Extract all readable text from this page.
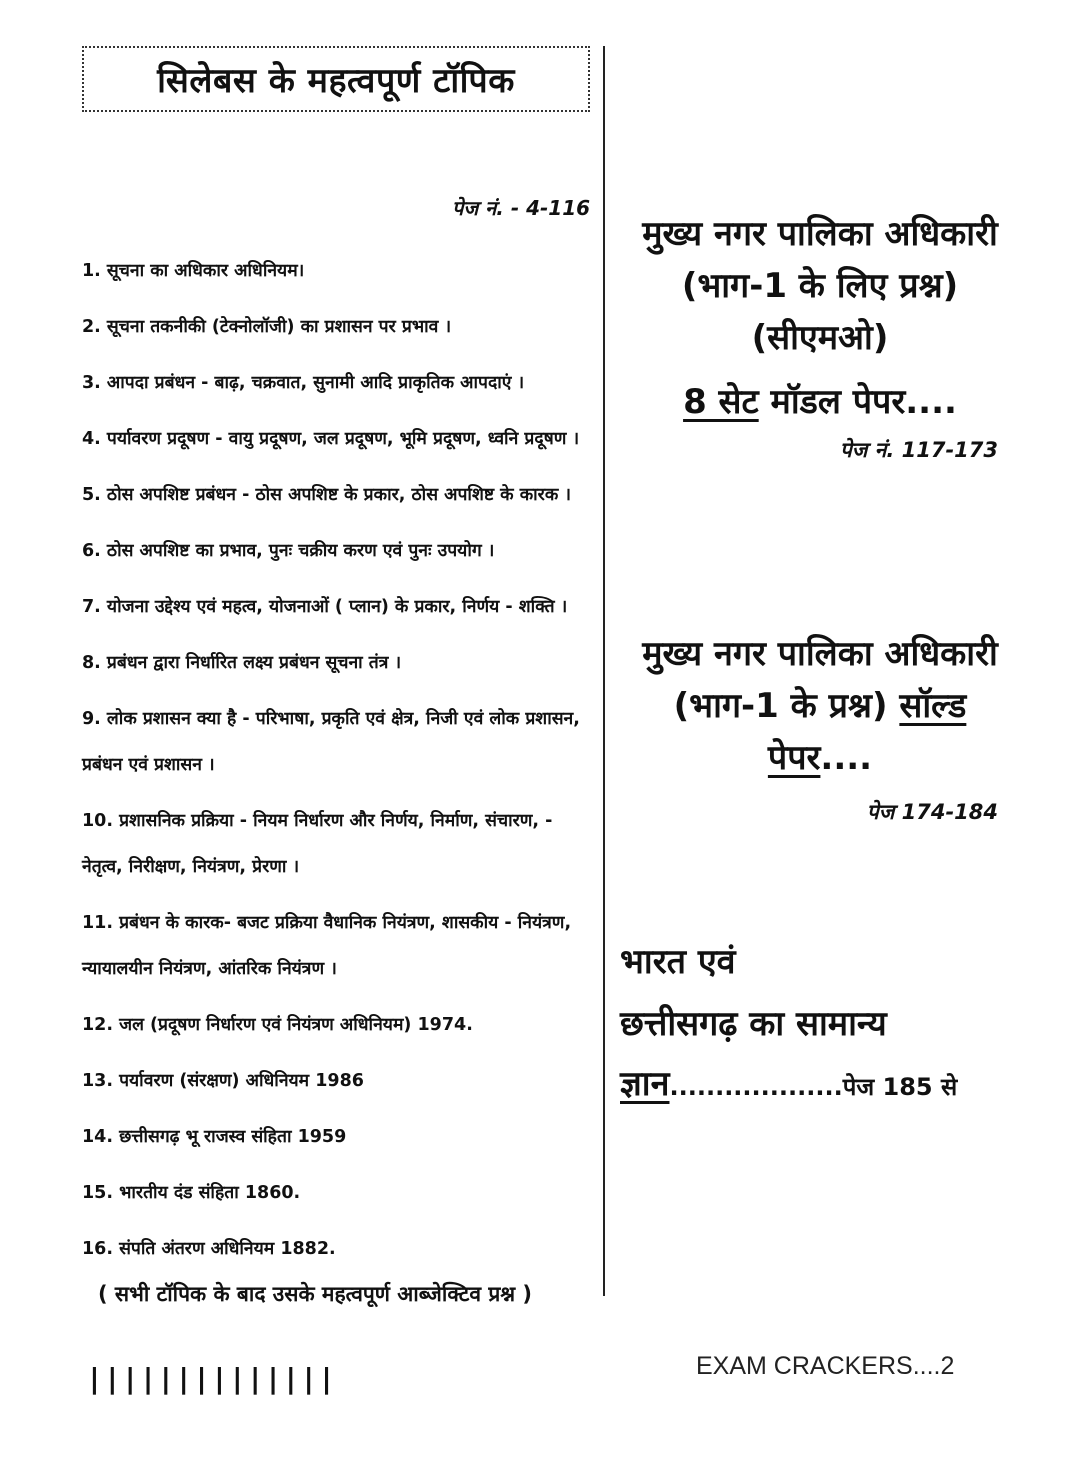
सिलेबस के महत्वपूर्ण टॉपिक
पेज नं. - 4-116

1. सूचना का अधिकार अधिनियम।

2. सूचना तकनीकी (टेक्नोलॉजी) का प्रशासन पर प्रभाव ।

3. आपदा प्रबंधन - बाढ़, चक्रवात, सुनामी आदि प्राकृतिक आपदाएं ।

4. पर्यावरण प्रदूषण - वायु प्रदूषण, जल प्रदूषण, भूमि प्रदूषण, ध्वनि प्रदूषण ।

5. ठोस अपशिष्ट प्रबंधन - ठोस अपशिष्ट के प्रकार, ठोस अपशिष्ट के कारक ।

6. ठोस अपशिष्ट का प्रभाव, पुनः चक्रीय करण एवं पुनः उपयोग ।

7. योजना उद्देश्य एवं महत्व, योजनाओं ( प्लान) के प्रकार, निर्णय - शक्ति ।

8. प्रबंधन द्वारा निर्धारित लक्ष्य प्रबंधन सूचना तंत्र ।

9. लोक प्रशासन क्या है - परिभाषा, प्रकृति एवं क्षेत्र, निजी एवं लोक प्रशासन,

प्रबंधन एवं प्रशासन ।

10. प्रशासनिक प्रक्रिया - नियम निर्धारण और निर्णय, निर्माण, संचारण, -

नेतृत्व, निरीक्षण, नियंत्रण, प्रेरणा ।

11. प्रबंधन के कारक- बजट प्रक्रिया वैधानिक नियंत्रण, शासकीय - नियंत्रण,

न्यायालयीन नियंत्रण, आंतरिक नियंत्रण ।

12. जल (प्रदूषण निर्धारण एवं नियंत्रण अधिनियम) 1974.

13. पर्यावरण (संरक्षण) अधिनियम 1986

14. छत्तीसगढ़ भू राजस्व संहिता 1959

15. भारतीय दंड संहिता 1860.

16. संपति अंतरण अधिनियम 1882.

( सभी टॉपिक के बाद उसके महत्वपूर्ण आब्जेक्टिव प्रश्न )
||||||||||||||

मुख्य नगर पालिका अधिकारी

(भाग-1 के लिए प्रश्न)

(सीएमओ)

8 सेट मॉडल पेपर....

पेज नं. 117-173

मुख्य नगर पालिका अधिकारी

(भाग-1 के प्रश्न) सॉल्ड पेपर....

पेज 174-184

भारत एवं

छत्तीसगढ़ का सामान्य

ज्ञान...................पेज 185 से

EXAM CRACKERS....2
